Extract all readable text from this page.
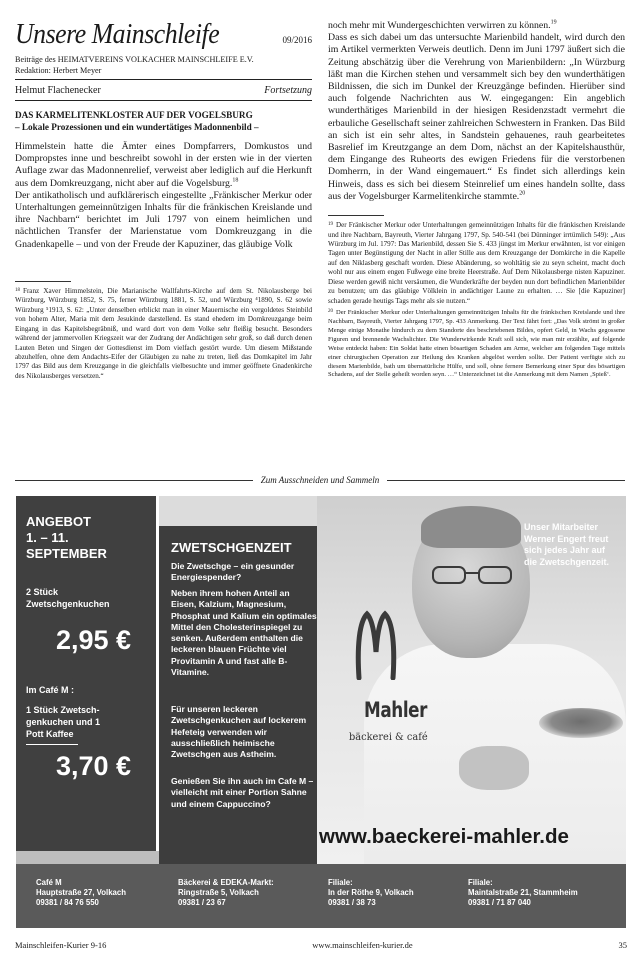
Unsere Mainschleife	09/2016
Beiträge des HEIMATVEREINS VOLKACHER MAINSCHLEIFE E.V.
Redaktion: Herbert Meyer
Helmut Flachenecker	Fortsetzung
DAS KARMELITENKLOSTER AUF DER VOGELSBURG
– Lokale Prozessionen und ein wundertätiges Madonnenbild –

Himmelstein hatte die Ämter eines Dompfarrers, Domkustos und Dompropstes inne und beschreibt sowohl in der ersten wie in der vierten Auflage zwar das Madonnenrelief, verweist aber lediglich auf die Herkunft aus dem Domkreuzgang, nicht aber auf die Vogelsburg.$^{18}$

Der antikatholisch und aufklärerisch eingestellte „Fränkischer Merkur oder Unterhaltungen gemeinnützigen Inhalts für die fränkischen Kreislande und ihre Nachbarn“ berichtet im Juli 1797 von einem heimlichen und nächtlichen Transfer der Marienstatue vom Domkreuzgang in die Gnadenkapelle – und von der Freude der Kapuziner, das gläubige Volk

$^{18}$ Franz Xaver Himmelstein, Die Marianische Wallfahrts-Kirche auf dem St. Nikolausberge bei Würzburg, Würzburg 1852, S. 75, ferner Würzburg 1881, S. 52, und Würzburg ⁴1890, S. 62 sowie Würzburg ⁵1913, S. 62: „Unter denselben erblickt man in einer Mauernische ein vergoldetes Steinbild von hohem Alter, Maria mit dem Jesukinde darstellend. Es stand ehedem im Domkreuzgange beim Eingang in das Kapitelsbegräbniß, und ward dort von dem Volke sehr fleißig besucht. Besonders während der jammervollen Kriegszeit war der Zudrang der Andächtigen sehr groß, so daß durch denen Lauten Beten und Singen der Gottesdienst im Dom vielfach gestört wurde. Um diesem Mißstande abzuhelfen, ohne dem Andachts-Eifer der Gläubigen zu nahe zu treten, ließ das Domkapitel im Jahr 1797 das Bild aus dem Kreuzgange in die gleichfalls vielbesuchte und immer geöffnete Gnadenkirche des Nikolausberges versetzen.“

noch mehr mit Wundergeschichten verwirren zu können.$^{19}$

Dass es sich dabei um das untersuchte Marienbild handelt, wird durch den im Artikel vermerkten Verweis deutlich. Denn im Juni 1797 äußert sich die Zeitung abschätzig über die Verehrung von Marienbildern: „In Würzburg läßt man die Kirchen stehen und versammelt sich bey den wunderthätigen Bildnissen, die sich im Dunkel der Kreuzgänge befinden. Hierüber sind auch folgende Nachrichten aus W. eingegangen: Ein angeblich wunderthätiges Marienbild in der hiesigen Residenzstadt vermehrt die erbauliche Gesellschaft seiner zahlreichen Schwestern in Franken. Das Bild an sich ist ein sehr altes, in Sandstein gehauenes, rauh gearbeitetes Basrelief im Kreutzgange an dem Dom, nächst an der Kapitelshausthür, dem Eingange des Ruheorts des ewigen Friedens für die verstorbenen Domherrn, in der Wand eingemauert.“ Es findet sich allerdings kein Hinweis, dass es sich bei diesem Steinrelief um eines handeln sollte, dass aus der Vogelsburger Karmelitenkirche stammte.$^{20}$

$^{19}$ Der Fränkischer Merkur oder Unterhaltungen gemeinnützigen Inhalts für die fränkischen Kreislande und ihre Nachbarn, Bayreuth, Vierter Jahrgang 1797, Sp. 540-541 (bei Dünninger irrtümlich 549): „Aus Würzburg im Jul. 1797: Das Marienbild, dessen Sie S. 433 jüngst im Merkur erwähnten, ist vor einigen Tagen unter Begünstigung der Nacht in aller Stille aus dem Kreuzgange der Domkirche in die Kapelle auf den Niklasberg geschaft worden. Diese Abänderung, so wohltätig sie zu seyn scheint, macht doch wohl nur aus einem engen Fußwege eine breite Heerstraße. Auf Dem Nikolausberge nisten Kapuziner. Diese werden gewiß nicht versäumen, die Wunderkräfte der beyden nun dort befindlichen Marienbilder zu benutzen; um das gläubige Völklein in andächtiger Laune zu erhalten. … Sie [die Kapuziner] schaden gerade heutigs Tags mehr als sie nutzen.“

$^{20}$ Der Fränkischer Merkur oder Unterhaltungen gemeinnützigen Inhalts für die fränkischen Kreislande und ihre Nachbarn, Bayreuth, Vierter Jahrgang 1797, Sp. 433 Anmerkung. Der Text fährt fort: „Das Volk strömt in großer Menge einige Monathe hindurch zu dem Standorte des beschriebenen Bildes, opfert Geld, in Wachs gegossene Figuren und brennende Wachslichter. Die Wunderwirkende Kraft soll sich, wie man mir erzählte, auf folgende Weise entdeckt haben: Ein Soldat hatte einen bösartigen Schaden am Arme, welcher am folgenden Tage mittels einer chirurgischen Operation zur Heilung des Kranken abgelöst werden sollte. Der Patient verfügte sich zu diesem Marienbilde, bath um übernatürliche Hülfe, und soll, ohne fernere Bemerkung einer Spur des bösartigen Schadens, auf der Stelle geheilt worden seyn. …“ Unterzeichnet ist die Anmerkung mit dem Namen ‚Spieß‘.

Zum Ausschneiden und Sammeln
ANGEBOT
1. – 11.
SEPTEMBER
2 Stück
Zwetschgenkuchen
2,95 €
Im Café M :
1 Stück Zwetsch-
genkuchen und 1
Pott Kaffee
3,70 €
Unser Mitarbeiter Werner Engert freut sich jedes Jahr auf die Zwetschgenzeit.
Mahler
bäckerei & café
www.baeckerei-mahler.de
ZWETSCHGENZEIT
Die Zwetschge – ein gesunder Energiespender?
Neben ihrem hohen Anteil an Eisen, Kalzium, Magnesium, Phosphat und Kalium ein optimales Mittel den Cholesterinspiegel zu senken. Außerdem enthalten die leckeren blauen Früchte viel Provitamin A und fast alle B-Vitamine.
Für unseren leckeren Zwetschgenkuchen auf lockerem Hefeteig verwenden wir ausschließlich heimische Zwetschgen aus Astheim.
Genießen Sie ihn auch im Cafe M – vielleicht mit einer Portion Sahne und einem Cappuccino?
Café M
Hauptstraße 27, Volkach
09381 / 84 76 550
Bäckerei & EDEKA-Markt:
Ringstraße 5, Volkach
09381 / 23 67
Filiale:
In der Röthe 9, Volkach
09381 / 38 73
Filiale:
Maintalstraße 21, Stammheim
09381 / 71 87 040
Mainschleifen-Kurier 9-16	www.mainschleifen-kurier.de	35
